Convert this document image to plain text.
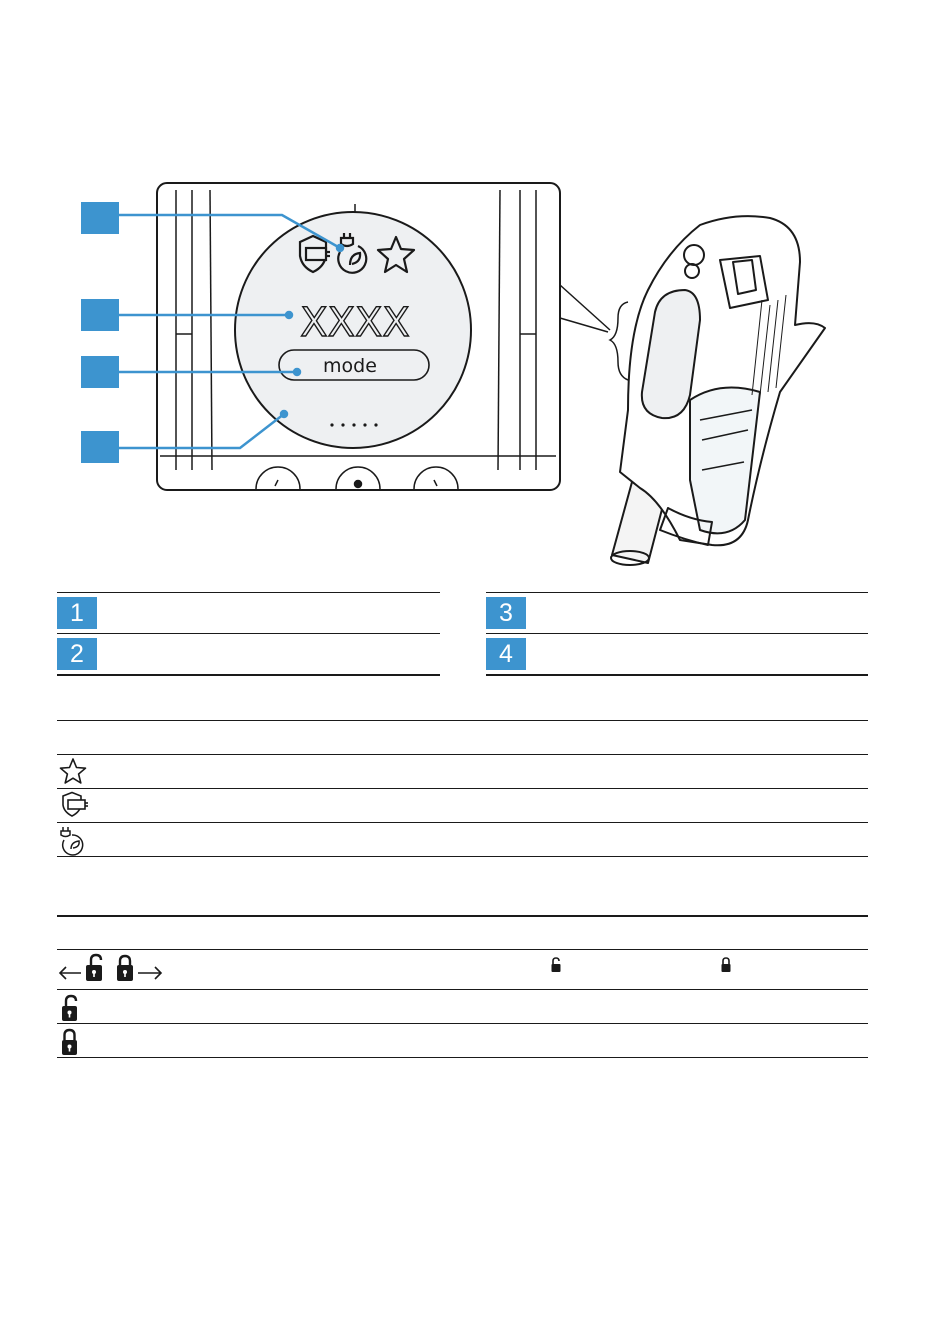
XXXX
mode
1
2
3
4
